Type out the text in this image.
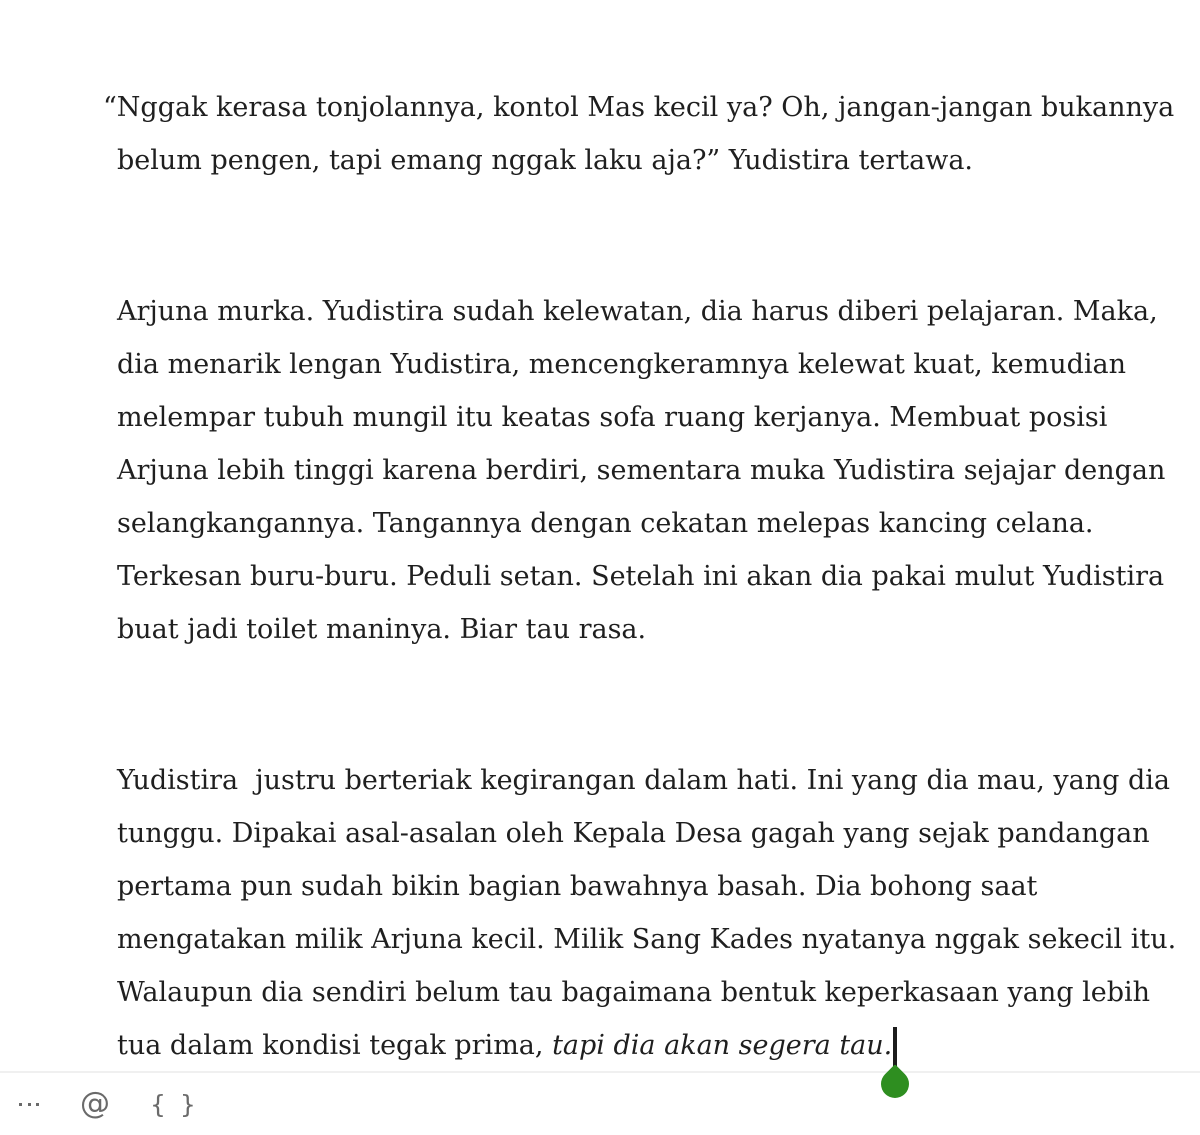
“Nggak kerasa tonjolannya, kontol Mas kecil ya? Oh, jangan-jangan bukannya
belum pengen, tapi emang nggak laku aja?” Yudistira tertawa.
Arjuna murka. Yudistira sudah kelewatan, dia harus diberi pelajaran. Maka,
dia menarik lengan Yudistira, mencengkeramnya kelewat kuat, kemudian
melempar tubuh mungil itu keatas sofa ruang kerjanya. Membuat posisi
Arjuna lebih tinggi karena berdiri, sementara muka Yudistira sejajar dengan
selangkangannya. Tangannya dengan cekatan melepas kancing celana.
Terkesan buru-buru. Peduli setan. Setelah ini akan dia pakai mulut Yudistira
buat jadi toilet maninya. Biar tau rasa.
Yudistira  justru berteriak kegirangan dalam hati. Ini yang dia mau, yang dia
tunggu. Dipakai asal-asalan oleh Kepala Desa gagah yang sejak pandangan
pertama pun sudah bikin bagian bawahnya basah. Dia bohong saat
mengatakan milik Arjuna kecil. Milik Sang Kades nyatanya nggak sekecil itu.
Walaupun dia sendiri belum tau bagaimana bentuk keperkasaan yang lebih
tua dalam kondisi tegak prima, tapi dia akan segera tau.
@ { }
